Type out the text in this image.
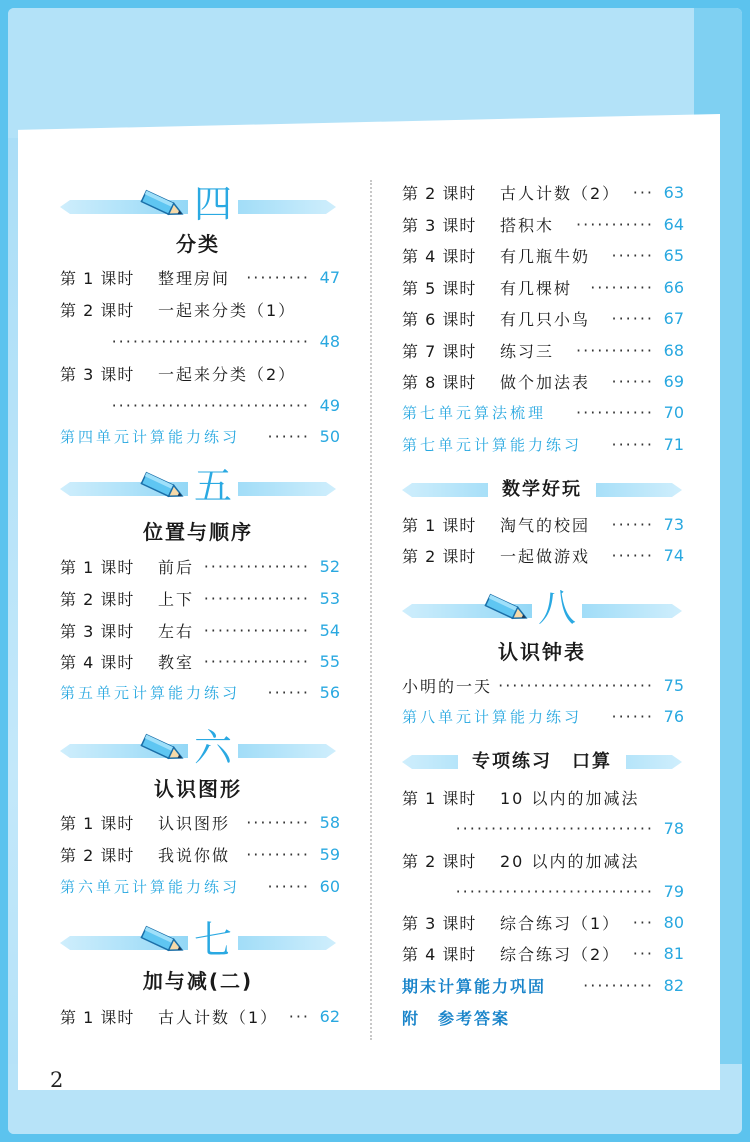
2
四
分类
第 1 课时	整理房间	········· 47
第 2 课时	一起来分类（1）
···························· 48
第 3 课时	一起来分类（2）
···························· 49
第四单元计算能力练习	······ 50
五
位置与顺序
第 1 课时	前后 ··············· 52
第 2 课时	上下 ··············· 53
第 3 课时	左右 ··············· 54
第 4 课时	教室 ··············· 55
第五单元计算能力练习	······ 56
六
认识图形
第 1 课时	认识图形	········· 58
第 2 课时	我说你做	········· 59
第六单元计算能力练习	······ 60
七
加与减(二)
第 1 课时	古人计数（1） ··· 62
第 2 课时	古人计数（2） ··· 63
第 3 课时	搭积木	··········· 64
第 4 课时	有几瓶牛奶	······ 65
第 5 课时	有几棵树	········· 66
第 6 课时	有几只小鸟	······ 67
第 7 课时	练习三	··········· 68
第 8 课时	做个加法表	······ 69
第七单元算法梳理	··········· 70
第七单元计算能力练习	······ 71
数学好玩
第 1 课时	淘气的校园	······ 73
第 2 课时	一起做游戏	······ 74
八
认识钟表
小明的一天 ······················ 75
第八单元计算能力练习	······ 76
专项练习　口算
第 1 课时	10 以内的加减法
···························· 78
第 2 课时	20 以内的加减法
···························· 79
第 3 课时	综合练习（1） ··· 80
第 4 课时	综合练习（2） ··· 81
期末计算能力巩固	·········· 82
附　参考答案
